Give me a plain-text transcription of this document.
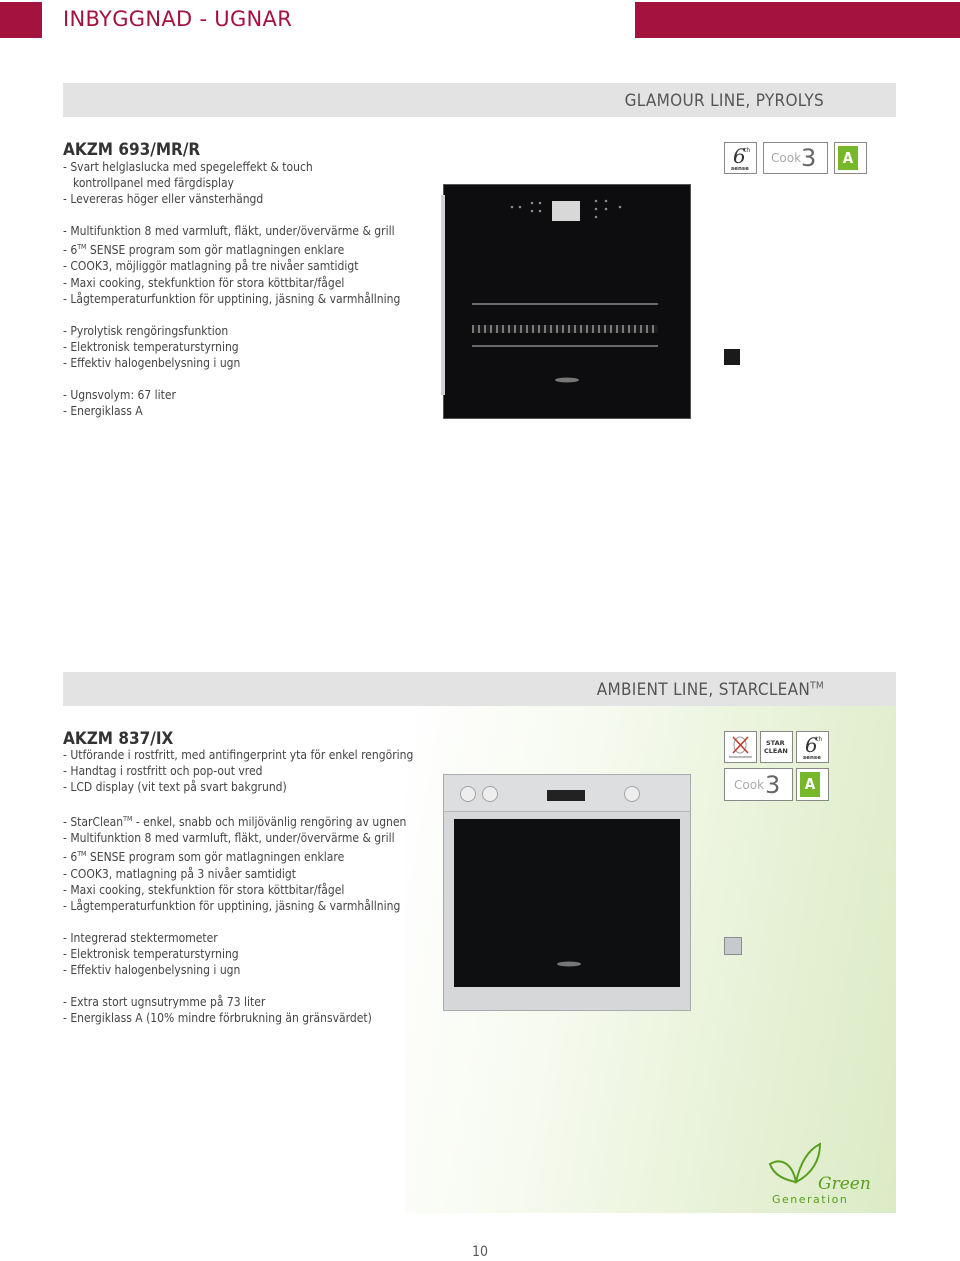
INBYGGNAD - UGNAR
GLAMOUR LINE, PYROLYS
AKZM 693/MR/R
- Svart helglaslucka med spegeleffekt & touch
kontrollpanel med färgdisplay
- Levereras höger eller vänsterhängd
- Multifunktion 8 med varmluft, fläkt, under/övervärme & grill
- 6™ SENSE program som gör matlagningen enklare
- COOK3, möjliggör matlagning på tre nivåer samtidigt
- Maxi cooking, stekfunktion för stora köttbitar/fågel
- Lågtemperaturfunktion för upptining, jäsning & varmhållning
- Pyrolytisk rengöringsfunktion
- Elektronisk temperaturstyrning
- Effektiv halogenbelysning i ugn
- Ugnsvolym: 67 liter
- Energiklass A
6
th
sense
Cook 3	A
AMBIENT LINE, STARCLEAN™
AKZM 837/IX
- Utförande i rostfritt, med antifingerprint yta för enkel rengöring
- Handtag i rostfritt och pop-out vred
- LCD display (vit text på svart bakgrund)
- StarClean™ - enkel, snabb och miljövänlig rengöring av ugnen
- Multifunktion 8 med varmluft, fläkt, under/övervärme & grill
- 6™ SENSE program som gör matlagningen enklare
- COOK3, matlagning på 3 nivåer samtidigt
- Maxi cooking, stekfunktion för stora köttbitar/fågel
- Lågtemperaturfunktion för upptining, jäsning & varmhållning
- Integrerad stektermometer
- Elektronisk temperaturstyrning
- Effektiv halogenbelysning i ugn
- Extra stort ugnsutrymme på 73 liter
- Energiklass A (10% mindre förbrukning än gränsvärdet)
STAR
CLEAN 6
th
sense
Cook 3	A
Green
Generation
10
